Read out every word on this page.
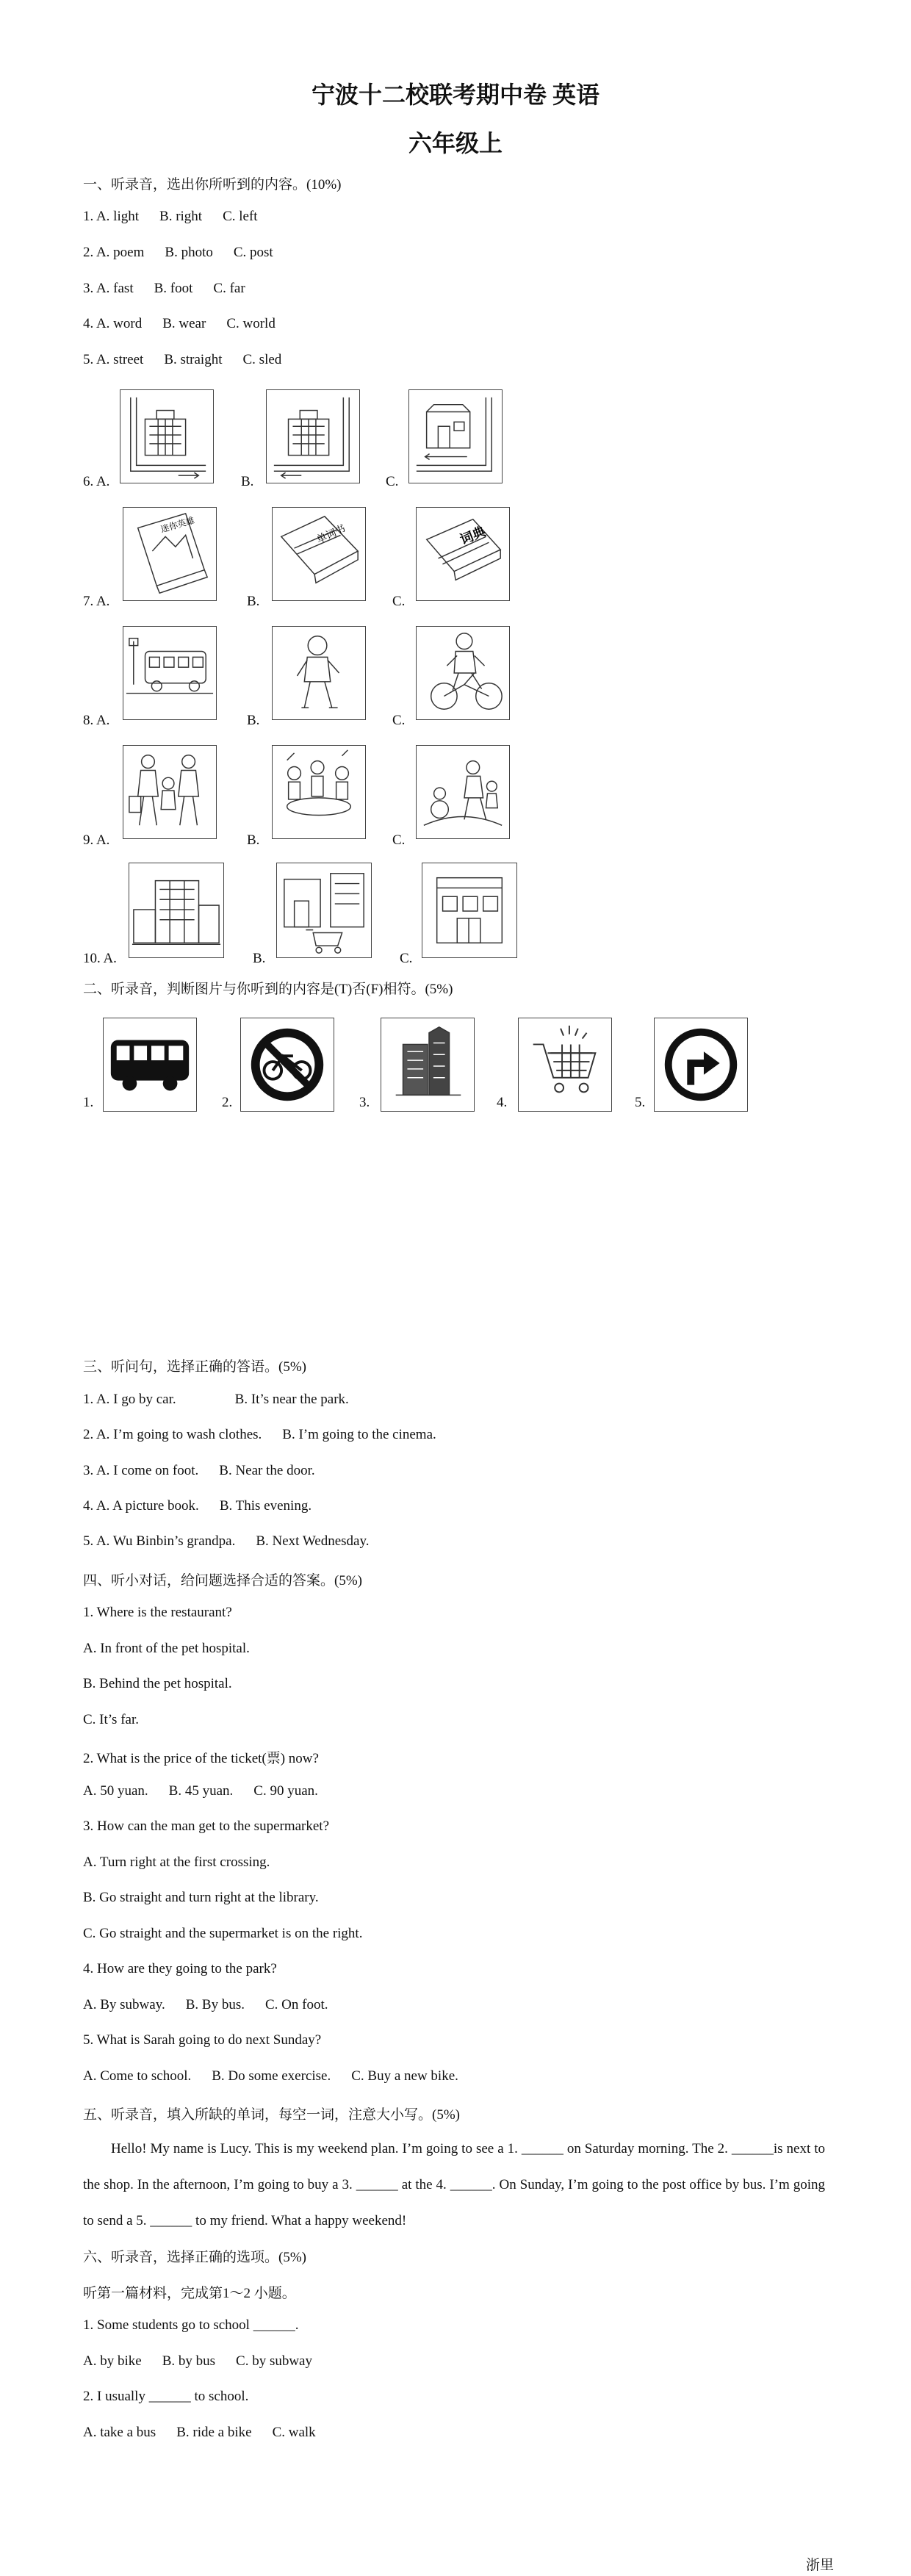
宁波十二校联考期中卷 英语
六年级上
一、听录音，选出你所听到的内容。(10%)
1. A. light B. right C. left
2. A. poem B. photo C. post
3. A. fast B. foot C. far
4. A. word B. wear C. world
5. A. street B. straight C. sled
6. A.	B.	C.
7. A.
迷你英雄
B.
单词书
C.
词典
8. A.	B.	C.
9. A.	B.	C.
10. A.	B.	C.
二、听录音，判断图片与你听到的内容是(T)否(F)相符。(5%)
1.	2.	3.	4.	5.
三、听问句，选择正确的答语。(5%)
1. A. I go by car.	B. It’s near the park.
2. A. I’m going to wash clothes. B. I’m going to the cinema.
3. A. I come on foot. B. Near the door.
4. A. A picture book. B. This evening.
5. A. Wu Binbin’s grandpa. B. Next Wednesday.
四、听小对话，给问题选择合适的答案。(5%)
1. Where is the restaurant?
A. In front of the pet hospital.
B. Behind the pet hospital.
C. It’s far.
2. What is the price of the ticket(票) now?
A. 50 yuan. B. 45 yuan. C. 90 yuan.
3. How can the man get to the supermarket?
A. Turn right at the first crossing.
B. Go straight and turn right at the library.
C. Go straight and the supermarket is on the right.
4. How are they going to the park?
A. By subway. B. By bus. C. On foot.
5. What is Sarah going to do next Sunday?
A. Come to school. B. Do some exercise. C. Buy a new bike.
五、听录音，填入所缺的单词，每空一词，注意大小写。(5%)
Hello! My name is Lucy. This is my weekend plan. I’m going to see a 1. ______ on Saturday morning. The 2. ______is next to the shop. In the afternoon, I’m going to buy a 3. ______ at the 4. ______. On Sunday, I’m going to the post office by bus. I’m going to send a 5. ______ to my friend. What a happy weekend!
六、听录音，选择正确的选项。(5%)
听第一篇材料，完成第1～2 小题。
1. Some students go to school ______.
A. by bike B. by bus C. by subway
2. I usually ______ to school.
A. take a bus B. ride a bike C. walk
浙里
